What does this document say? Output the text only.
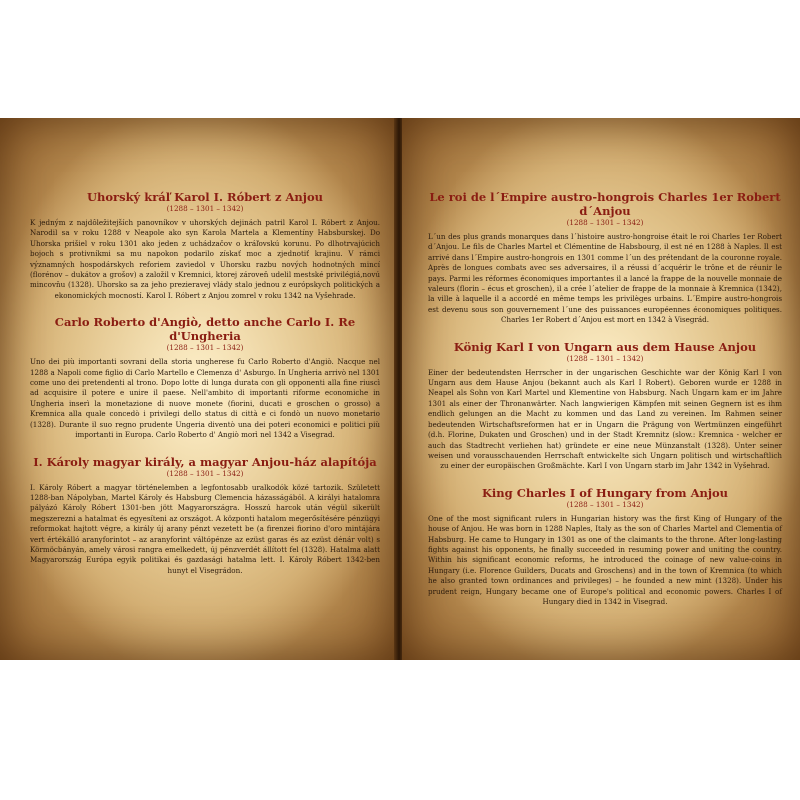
Uhorský kráľ Karol I. Róbert z Anjou
(1288 – 1301 – 1342)

K jedným z najdôležitejších panovníkov v uhorských dejinách patril Karol I. Róbert z Anjou. Narodil sa v roku 1288 v Neapole ako syn Karola Martela a Klementíny Habsburskej. Do Uhorska prišiel v roku 1301 ako jeden z uchádzačov o kráľovskú korunu. Po dlhotrvajúcich bojoch s protivníkmi sa mu napokon podarilo získať moc a zjednotiť krajinu. V rámci významných hospodárskych reforiem zaviedol v Uhorsku razbu nových hodnotných mincí (florénov – dukátov a grošov) a založil v Kremnici, ktorej zároveň udelil mestské privilégiá,novú mincovňu (1328). Uhorsko sa za jeho prezieravej vlády stalo jednou z európskych politických a ekonomických mocností. Karol I. Róbert z Anjou zomrel v roku 1342 na Vyšehrade.

Carlo Roberto d'Angiò, detto anche Carlo I. Re d'Ungheria
(1288 – 1301 – 1342)

Uno dei più importanti sovrani della storia ungherese fu Carlo Roberto d'Angiò. Nacque nel 1288 a Napoli come figlio di Carlo Martello e Clemenza d' Asburgo. In Ungheria arrivò nel 1301 come uno dei pretendenti al trono. Dopo lotte di lunga durata con gli opponenti alla fine riuscì ad acquisire il potere e unire il paese. Nell'ambito di importanti riforme economiche in Ungheria inserì la monetazione di nuove monete (fiorini, ducati e groschen o grosso) a Kremnica alla quale concedò i privilegi dello status di città e ci fondò un nuovo monetario (1328). Durante il suo regno prudente Ungeria diventò una dei poteri economici e politici più importanti in Europa. Carlo Roberto d' Angiò morì nel 1342 a Visegrad.

I. Károly magyar király, a magyar Anjou-ház alapítója
(1288 – 1301 – 1342)

I. Károly Róbert a magyar történelemben a legfontosabb uralkodók közé tartozik. Született 1288-ban Nápolyban, Martel Károly és Habsburg Clemencia házasságából. A királyi hatalomra pályázó Károly Róbert 1301-ben jött Magyarországra. Hosszú harcok után végül sikerült megszereznі a hatalmat és egyesíteni az országot. A központi hatalom megerősítésére pénzügyi reformokat hajtott végre, a király új arany pénzt vezetett be (a firenzei fiorino d'oro mintájára vert értékálló aranyforintot – az aranyforint váltópénze az ezüst garas és az ezüst dénár volt) s Körmöcbányán, amely városi rangra emelkedett, új pénzverdét állított fel (1328). Hatalma alatt Magyarország Európa egyik politikai és gazdasági hatalma lett. I. Károly Róbert 1342-ben hunyt el Visegrádon.

Le roi de l´Empire austro-hongrois Charles 1er Robert d´Anjou
(1288 – 1301 – 1342)

L´un des plus grands monarques dans l´histoire austro-hongroise était le roi Charles 1er Robert d´Anjou. Le fils de Charles Martel et Clémentine de Habsbourg, il est né en 1288 à Naples. Il est arrivé dans l´Empire austro-hongrois en 1301 comme l´un des prétendant de la couronne royale. Après de longues combats avec ses adversaires, il a réussi d´acquérir le trône et de réunir le pays. Parmi les réformes économiques importantes il a lancé la frappe de la nouvelle monnaie de valeurs (florin – écus et groschen), il a crée l´atelier de frappe de la monnaie à Kremnica (1342), la ville à laquelle il a accordé en même temps les privilèges urbains. L´Empire austro-hongrois est devenu sous son gouvernement l´une des puissances européennes économiques politiques. Charles 1er Robert d´Anjou est mort en 1342 à Visegrád.

König Karl I von Ungarn aus dem Hause Anjou
(1288 – 1301 – 1342)

Einer der bedeutendsten Herrscher in der ungarischen Geschichte war der König Karl I von Ungarn aus dem Hause Anjou (bekannt auch als Karl I Robert). Geboren wurde er 1288 in Neapel als Sohn von Karl Martel und Klementine von Habsburg. Nach Ungarn kam er im Jahre 1301 als einer der Thronanwärter. Nach langwierigen Kämpfen mit seinen Gegnern ist es ihm endlich gelungen an die Macht zu kommen und das Land zu vereinen. Im Rahmen seiner bedeutenden Wirtschaftsreformen hat er in Ungarn die Prägung von Wertmünzen eingeführt (d.h. Florine, Dukaten und Groschen) und in der Stadt Kremnitz (slow.: Kremnica - welcher er auch das Stadtrecht verliehen hat) gründete er eine neue Münzanstalt (1328). Unter seiner weisen und vorausschauenden Herrschaft entwickelte sich Ungarn politisch und wirtschaftlich zu einer der europäischen Großmächte. Karl I von Ungarn starb im Jahr 1342 in Vyšehrad.

King Charles I of Hungary from Anjou
(1288 – 1301 – 1342)

One of the most significant rulers in Hungarian history was the first King of Hungary of the house of Anjou. He was born in 1288 Naples, Italy as the son of Charles Martel and Clementia of Habsburg. He came to Hungary in 1301 as one of the claimants to the throne. After long-lasting fights against his opponents, he finally succeeded in resuming power and uniting the country. Within his significant economic reforms, he introduced the coinage of new value-coins in Hungary (i.e. Florence Guilders, Ducats and Groschens) and in the town of Kremnica (to which he also granted town ordinances and privileges) – he founded a new mint (1328). Under his prudent reign, Hungary became one of Europe's political and economic powers. Charles I of Hungary died in 1342 in Visegrad.
